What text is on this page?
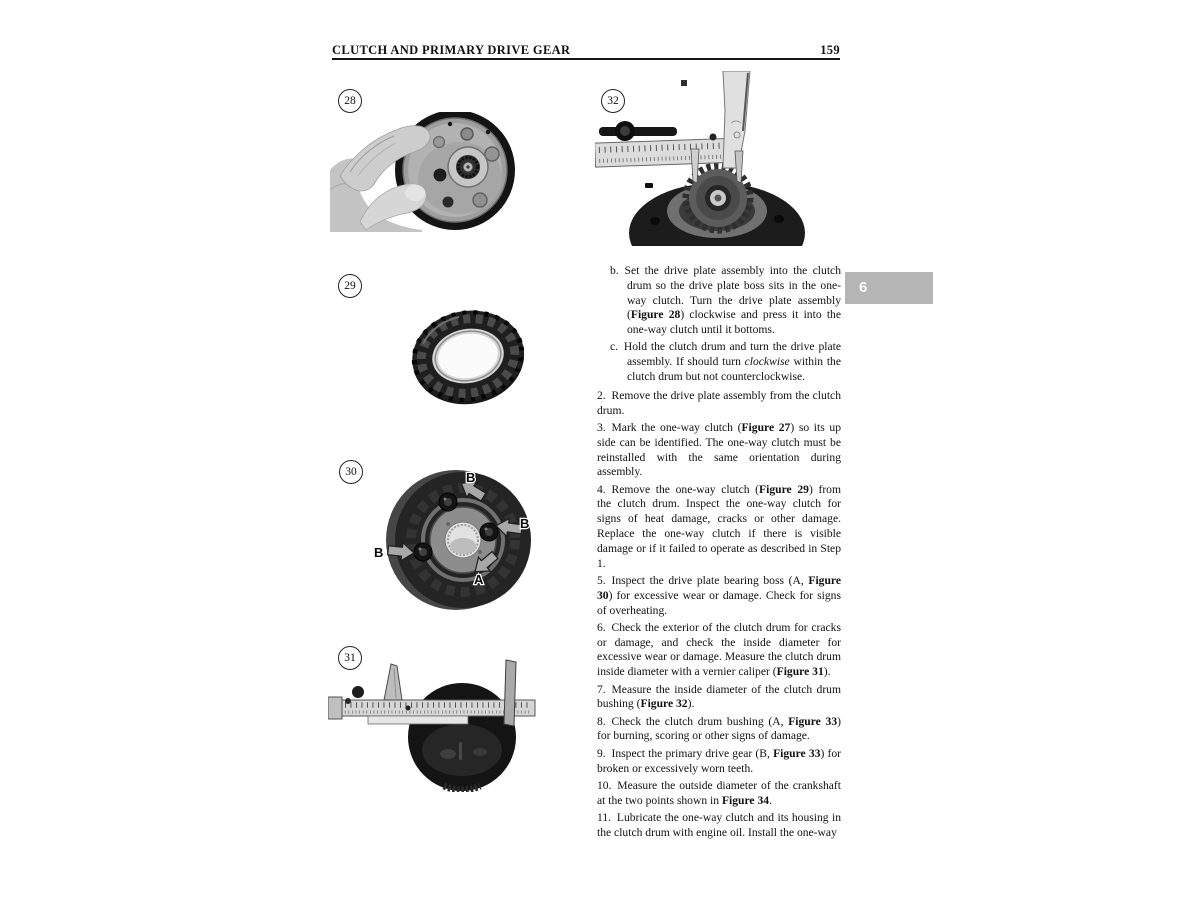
CLUTCH AND PRIMARY DRIVE GEAR	159
28
29
30
31
32
B
B
B
A
6
b. Set the drive plate assembly into the clutch drum so the drive plate boss sits in the one-way clutch. Turn the drive plate assembly (Figure 28) clockwise and press it into the one-way clutch until it bottoms.
c. Hold the clutch drum and turn the drive plate assembly. If should turn clockwise within the clutch drum but not counterclockwise.
2. Remove the drive plate assembly from the clutch drum.
3. Mark the one-way clutch (Figure 27) so its up side can be identified. The one-way clutch must be reinstalled with the same orientation during assembly.
4. Remove the one-way clutch (Figure 29) from the clutch drum. Inspect the one-way clutch for signs of heat damage, cracks or other damage. Replace the one-way clutch if there is visible damage or if it failed to operate as described in Step 1.
5. Inspect the drive plate bearing boss (A, Figure 30) for excessive wear or damage. Check for signs of overheating.
6. Check the exterior of the clutch drum for cracks or damage, and check the inside diameter for excessive wear or damage. Measure the clutch drum inside diameter with a vernier caliper (Figure 31).
7. Measure the inside diameter of the clutch drum bushing (Figure 32).
8. Check the clutch drum bushing (A, Figure 33) for burning, scoring or other signs of damage.
9. Inspect the primary drive gear (B, Figure 33) for broken or excessively worn teeth.
10. Measure the outside diameter of the crankshaft at the two points shown in Figure 34.
11. Lubricate the one-way clutch and its housing in the clutch drum with engine oil. Install the one-way
